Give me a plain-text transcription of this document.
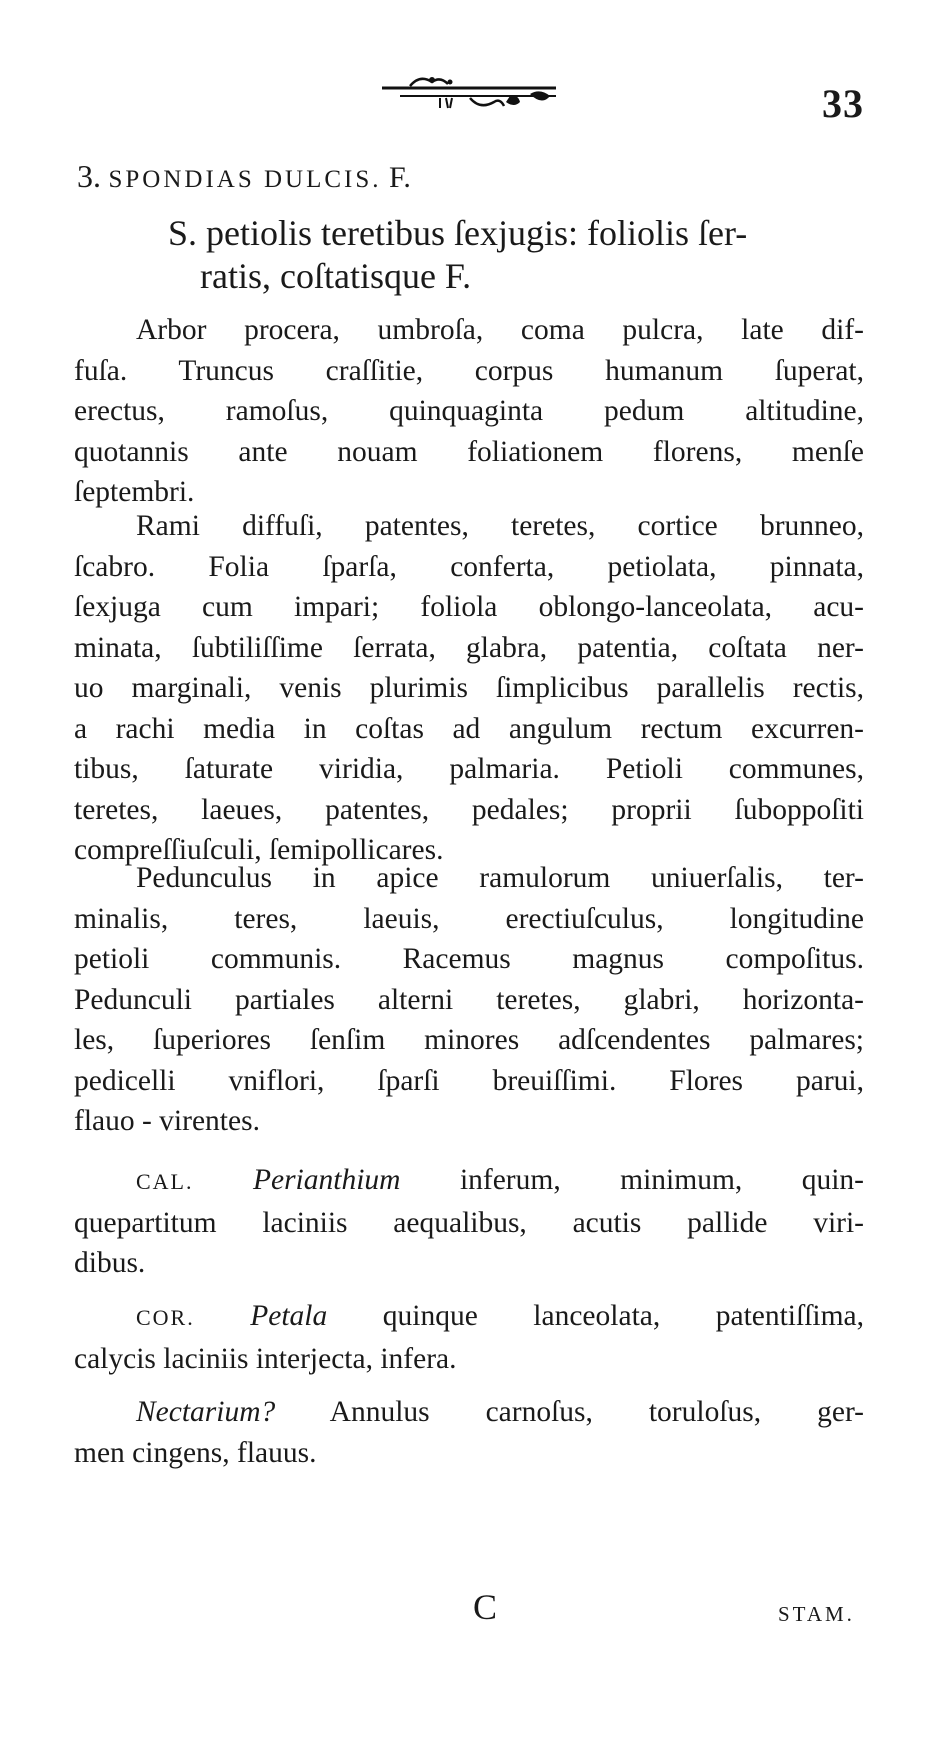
33
3. SPONDIAS DULCIS. F.
S. petiolis teretibus ſexjugis: foliolis ſer-
ratis, coſtatisque F.
Arbor procera, umbroſa, coma pulcra, late dif-
fuſa. Truncus craſſitie, corpus humanum ſuperat,
erectus, ramoſus, quinquaginta pedum altitudine,
quotannis ante nouam foliationem florens, menſe
ſeptembri.
Rami diffuſi, patentes, teretes, cortice brunneo,
ſcabro. Folia ſparſa, conferta, petiolata, pinnata,
ſexjuga cum impari; foliola oblongo-lanceolata, acu-
minata, ſubtiliſſime ſerrata, glabra, patentia, coſtata ner-
uo marginali, venis plurimis ſimplicibus parallelis rectis,
a rachi media in coſtas ad angulum rectum excurren-
tibus, ſaturate viridia, palmaria. Petioli communes,
teretes, laeues, patentes, pedales; proprii ſuboppoſiti
compreſſiuſculi, ſemipollicares.
Pedunculus in apice ramulorum uniuerſalis, ter-
minalis, teres, laeuis, erectiuſculus, longitudine
petioli communis. Racemus magnus compoſitus.
Pedunculi partiales alterni teretes, glabri, horizonta-
les, ſuperiores ſenſim minores adſcendentes palmares;
pedicelli vniflori, ſparſi breuiſſimi. Flores parui,
flauo - virentes.
CAL. Perianthium inferum, minimum, quin-
quepartitum laciniis aequalibus, acutis pallide viri-
dibus.
COR. Petala quinque lanceolata, patentiſſima,
calycis laciniis interjecta, infera.
Nectarium? Annulus carnoſus, toruloſus, ger-
men cingens, flauus.
C	STAM.
